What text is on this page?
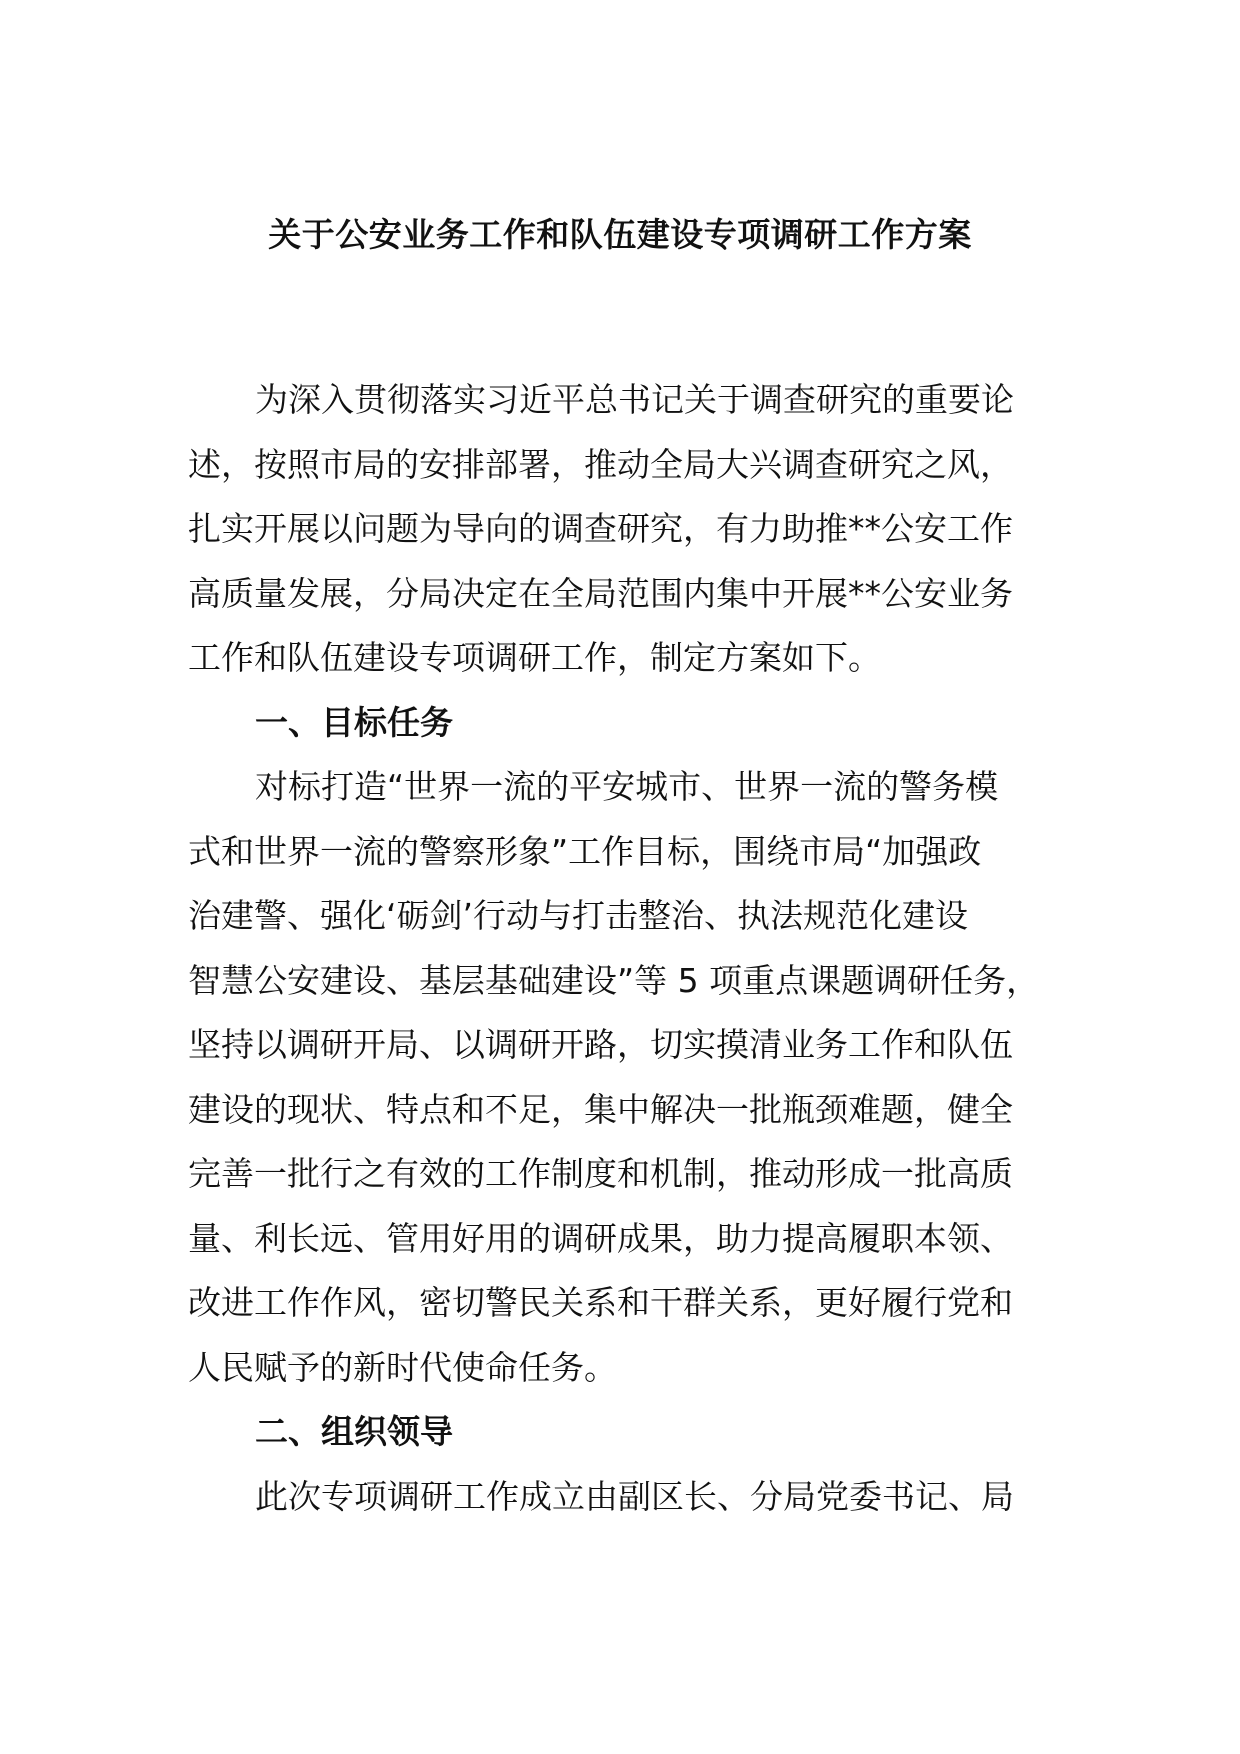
关于公安业务工作和队伍建设专项调研工作方案
为深入贯彻落实习近平总书记关于调查研究的重要论
述，按照市局的安排部署，推动全局大兴调查研究之风，
扎实开展以问题为导向的调查研究，有力助推**公安工作
高质量发展，分局决定在全局范围内集中开展**公安业务
工作和队伍建设专项调研工作，制定方案如下。
一、目标任务
对标打造“世界一流的平安城市、世界一流的警务模
式和世界一流的警察形象”工作目标，围绕市局“加强政
治建警、强化‘砺剑’行动与打击整治、执法规范化建设
智慧公安建设、基层基础建设”等 5 项重点课题调研任务，
坚持以调研开局、以调研开路，切实摸清业务工作和队伍
建设的现状、特点和不足，集中解决一批瓶颈难题，健全
完善一批行之有效的工作制度和机制，推动形成一批高质
量、利长远、管用好用的调研成果，助力提高履职本领、
改进工作作风，密切警民关系和干群关系，更好履行党和
人民赋予的新时代使命任务。
二、组织领导
此次专项调研工作成立由副区长、分局党委书记、局
